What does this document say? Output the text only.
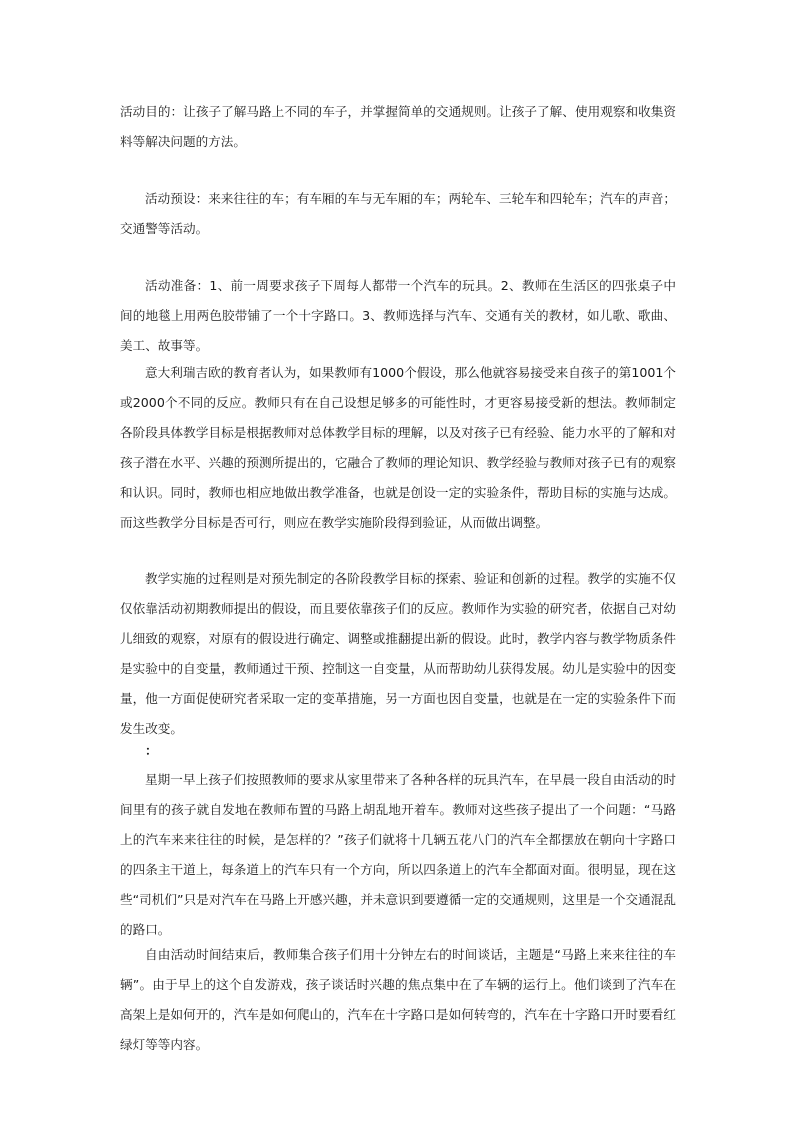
活动目的：让孩子了解马路上不同的车子，并掌握简单的交通规则。让孩子了解、使用观察和收集资料等解决问题的方法。

活动预设：来来往往的车；有车厢的车与无车厢的车；两轮车、三轮车和四轮车；汽车的声音；交通警等活动。

活动准备：1、前一周要求孩子下周每人都带一个汽车的玩具。2、教师在生活区的四张桌子中间的地毯上用两色胶带铺了一个十字路口。3、教师选择与汽车、交通有关的教材，如儿歌、歌曲、美工、故事等。

意大利瑞吉欧的教育者认为，如果教师有1000个假设，那么他就容易接受来自孩子的第1001个或2000个不同的反应。教师只有在自己设想足够多的可能性时，才更容易接受新的想法。教师制定各阶段具体教学目标是根据教师对总体教学目标的理解，以及对孩子已有经验、能力水平的了解和对孩子潜在水平、兴趣的预测所提出的，它融合了教师的理论知识、教学经验与教师对孩子已有的观察和认识。同时，教师也相应地做出教学准备，也就是创设一定的实验条件，帮助目标的实施与达成。而这些教学分目标是否可行，则应在教学实施阶段得到验证，从而做出调整。

教学实施的过程则是对预先制定的各阶段教学目标的探索、验证和创新的过程。教学的实施不仅仅依靠活动初期教师提出的假设，而且要依靠孩子们的反应。教师作为实验的研究者，依据自己对幼儿细致的观察，对原有的假设进行确定、调整或推翻提出新的假设。此时，教学内容与教学物质条件是实验中的自变量，教师通过干预、控制这一自变量，从而帮助幼儿获得发展。幼儿是实验中的因变量，他一方面促使研究者采取一定的变革措施，另一方面也因自变量，也就是在一定的实验条件下而发生改变。

：

星期一早上孩子们按照教师的要求从家里带来了各种各样的玩具汽车，在早晨一段自由活动的时间里有的孩子就自发地在教师布置的马路上胡乱地开着车。教师对这些孩子提出了一个问题：“马路上的汽车来来往往的时候，是怎样的？”孩子们就将十几辆五花八门的汽车全都摆放在朝向十字路口的四条主干道上，每条道上的汽车只有一个方向，所以四条道上的汽车全都面对面。很明显，现在这些“司机们”只是对汽车在马路上开感兴趣，并未意识到要遵循一定的交通规则，这里是一个交通混乱的路口。

自由活动时间结束后，教师集合孩子们用十分钟左右的时间谈话，主题是“马路上来来往往的车辆”。由于早上的这个自发游戏，孩子谈话时兴趣的焦点集中在了车辆的运行上。他们谈到了汽车在高架上是如何开的，汽车是如何爬山的，汽车在十字路口是如何转弯的，汽车在十字路口开时要看红绿灯等等内容。
